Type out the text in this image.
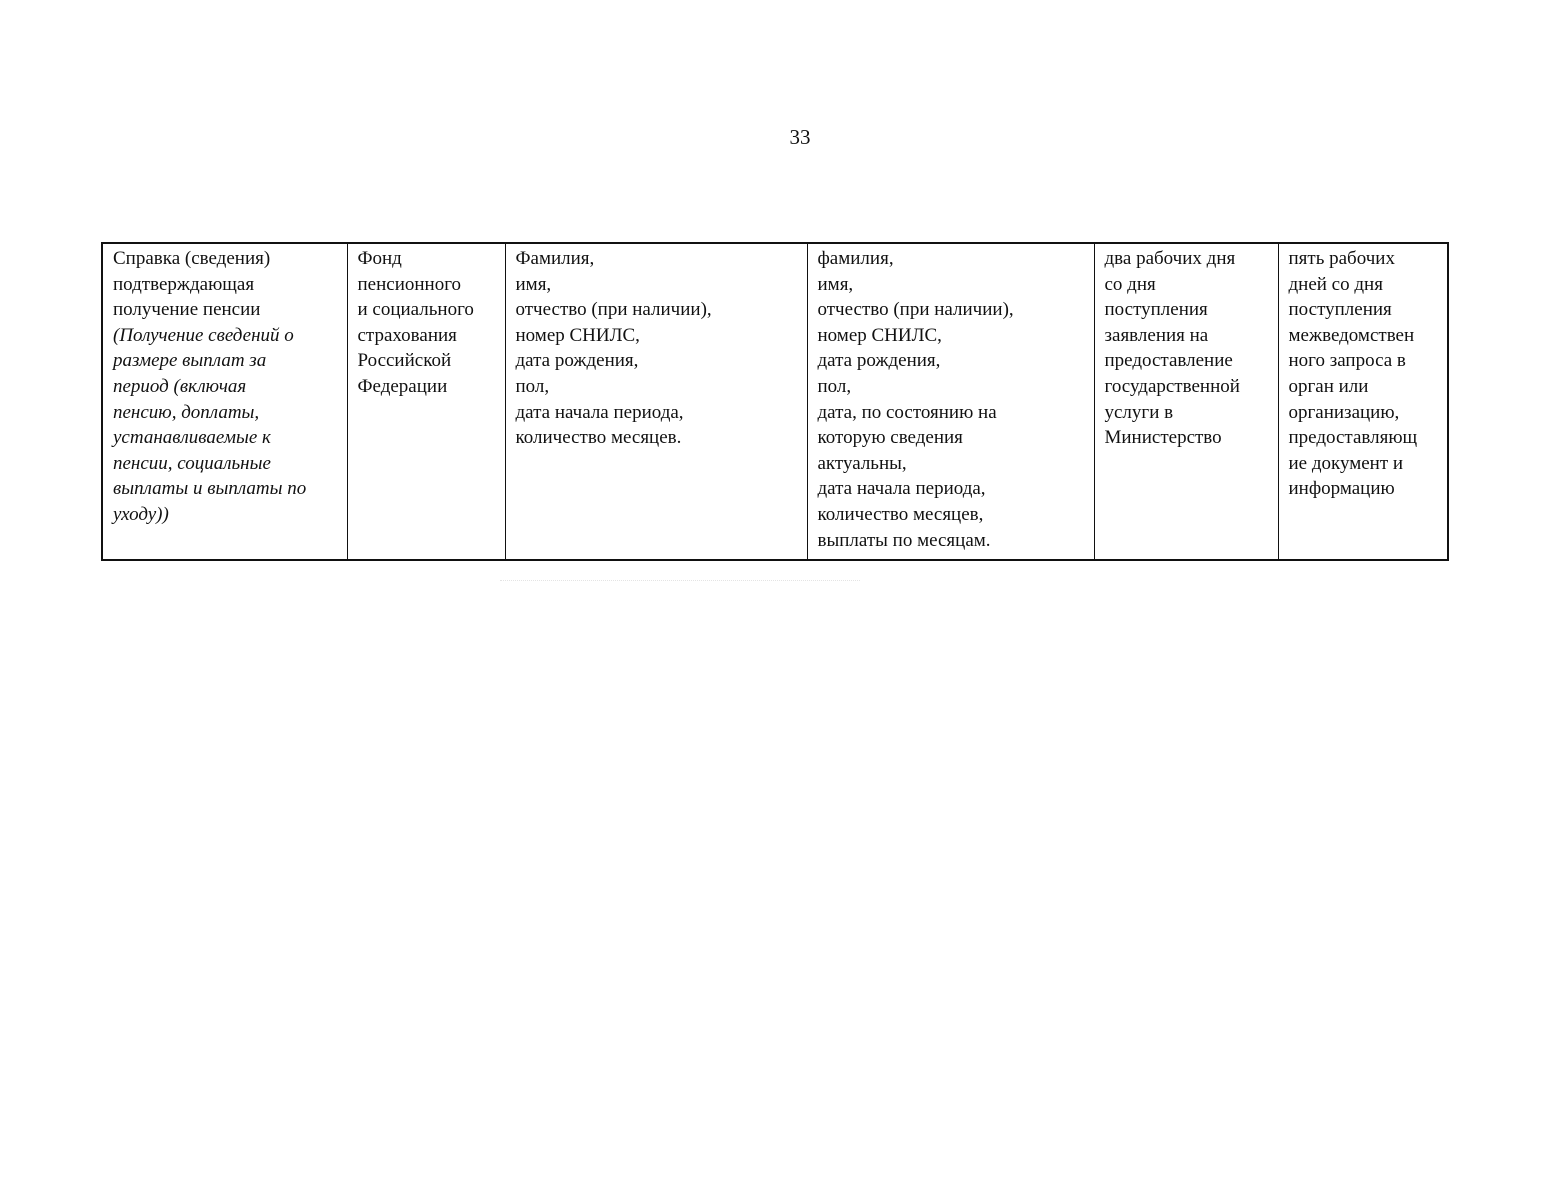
33
Справка (сведения)
подтверждающая
получение пенсии
(Получение сведений о
размере выплат за
период (включая
пенсию, доплаты,
устанавливаемые к
пенсии, социальные
выплаты и выплаты по
уходу))

Фонд
пенсионного
и социального
страхования
Российской
Федерации

Фамилия,
имя,
отчество (при наличии),
номер СНИЛС,
дата рождения,
пол,
дата начала периода,
количество месяцев.

фамилия,
имя,
отчество (при наличии),
номер СНИЛС,
дата рождения,
пол,
дата, по состоянию на
которую сведения
актуальны,
дата начала периода,
количество месяцев,
выплаты по месяцам.

два рабочих дня
со дня
поступления
заявления на
предоставление
государственной
услуги в
Министерство

пять рабочих
дней со дня
поступления
межведомствен
ного запроса в
орган или
организацию,
предоставляющ
ие документ и
информацию
